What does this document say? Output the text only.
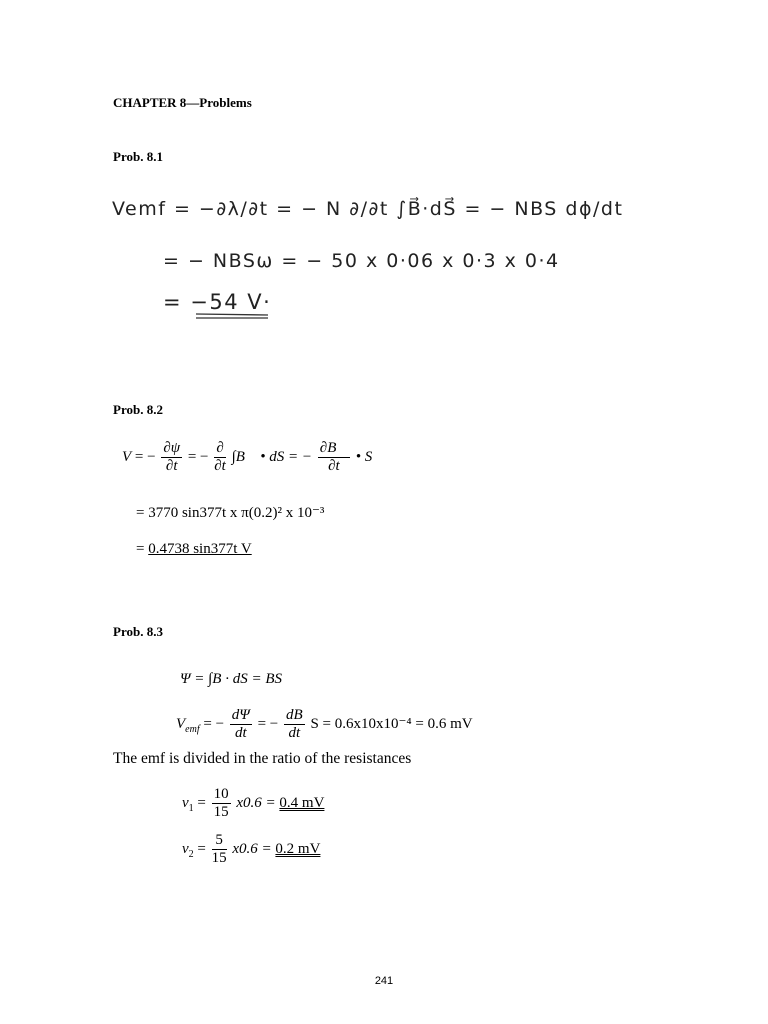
CHAPTER 8—Problems
Prob. 8.1
Vemf = −∂λ/∂t = − N ∂/∂t ∫B⃗·dS⃗ = − NBS dϕ/dt
= − NBSω = − 50 x 0·06 x 0·3 x 0·4
= −54 V·
Prob. 8.2
V = − $\frac{\partial\psi}{\partial t}$ = − $\frac{\partial}{\partial t}$ ∫B⃗ • dS = − $\frac{\partial B⃗}{\partial t}$ • S
= 3770 sin377t x π(0.2)² x 10⁻³
= 0.4738 sin377t V
Prob. 8.3
Ψ = ∫B · dS = BS
$V_{emf}$ = − $\frac{d\Psi}{dt}$ = − $\frac{dB}{dt}$ S = 0.6x10x10⁻⁴ = 0.6 mV
The emf is divided in the ratio of the resistances
$v_1 = \frac{10}{15} x0.6 = 0.4$ mV
$v_2 = \frac{5}{15} x0.6 = 0.2$ mV
241
